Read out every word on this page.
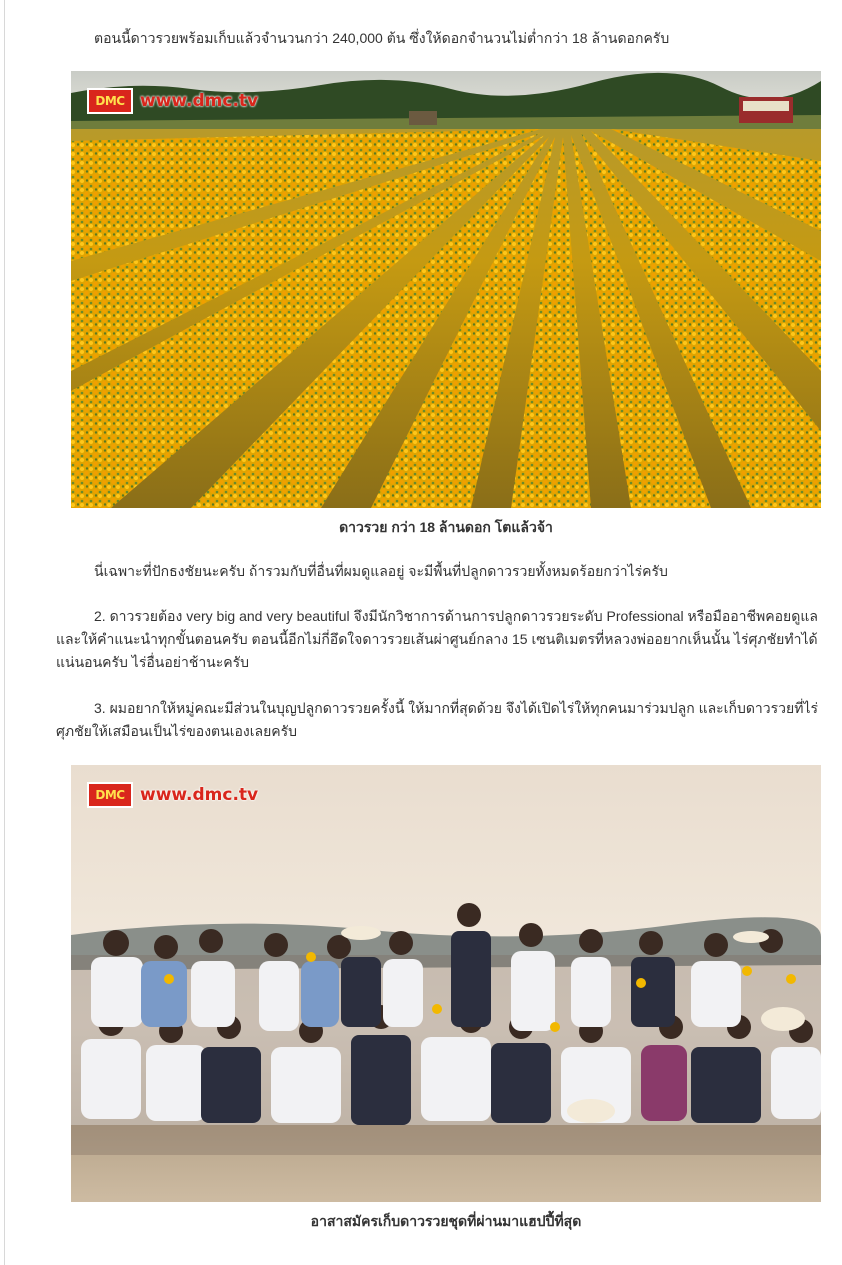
ตอนนี้ดาวรวยพร้อมเก็บแล้วจำนวนกว่า 240,000 ต้น ซึ่งให้ดอกจำนวนไม่ต่ำกว่า 18 ล้านดอกครับ
DMC www.dmc.tv
ดาวรวย กว่า 18 ล้านดอก โตแล้วจ้า
นี่เฉพาะที่ปักธงชัยนะครับ ถ้ารวมกับที่อื่นที่ผมดูแลอยู่ จะมีพื้นที่ปลูกดาวรวยทั้งหมดร้อยกว่าไร่ครับ
2. ดาวรวยต้อง very big and very beautiful จึงมีนักวิชาการด้านการปลูกดาวรวยระดับ Professional หรือมืออาชีพคอยดูแลและให้คำแนะนำทุกขั้นตอนครับ ตอนนี้อีกไม่กี่อึดใจดาวรวยเส้นผ่าศูนย์กลาง 15 เซนติเมตรที่หลวงพ่ออยากเห็นนั้น ไร่ศุภชัยทำได้แน่นอนครับ ไร่อื่นอย่าช้านะครับ
3. ผมอยากให้หมู่คณะมีส่วนในบุญปลูกดาวรวยครั้งนี้ ให้มากที่สุดด้วย จึงได้เปิดไร่ให้ทุกคนมาร่วมปลูก และเก็บดาวรวยที่ไร่ศุภชัยให้เสมือนเป็นไร่ของตนเองเลยครับ
DMC www.dmc.tv
อาสาสมัครเก็บดาวรวยชุดที่ผ่านมาแฮปปี้ที่สุด
